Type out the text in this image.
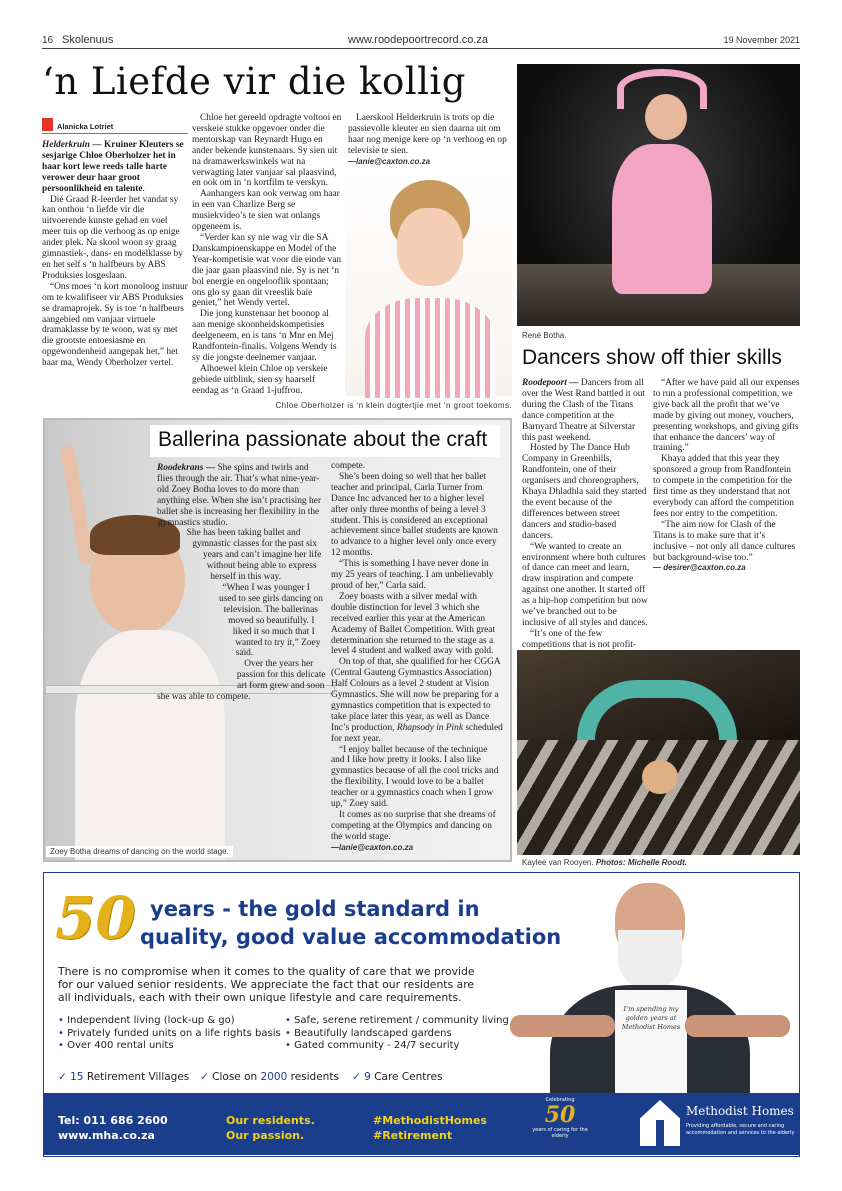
16 Skolenuus	www.roodepoortrecord.co.za	19 November 2021
‘n Liefde vir die kollig
Alanicka Lotriet

Helderkruin — Kruiner Kleuters se sesjarige Chloe Oberholzer het in haar kort lewe reeds talle harte verower deur haar groot persoonlikheid en talente.

Dié Graad R-leerder het vandat sy kan onthou ‘n liefde vir die uitvoerende kunste gehad en voel meer tuis op die verhoog as op enige ander plek. Na skool woon sy graag gimnastiek-, dans- en modelklasse by en het self s ‘n halfbeurs by ABS Produksies losgeslaan.

“Ons moes ‘n kort monoloog instuur om te kwalifiseer vir ABS Produksies se dramaprojek. Sy is toe ‘n halfbeurs aangebied om vanjaar virtuele dramaklasse by te woon, wat sy met die grootste entoesiasme en opgewondenheid aangepak het,” het haar ma, Wendy Oberholzer vertel.

Chloe het gereeld opdragte voltooi en verskeie stukke opgevoer onder die mentorskap van Reynardt Hugo en ander bekende kunstenaars. Sy sien uit na dramawerkswinkels wat na verwagting later vanjaar sal plaasvind, en ook om in ‘n kortfilm te verskyn.

Aanhangers kan ook verwag om haar in een van Charlize Berg se musiekvideo’s te sien wat onlangs opgeneem is.

“Verder kan sy nie wag vir die SA Danskampioenskappe en Model of the Year-kompetisie wat voor die einde van die jaar gaan plaasvind nie. Sy is net ‘n bol energie en ongelooflik spontaan; ons glo sy gaan dit vreeslik baie geniet,” het Wendy vertel.

Die jong kunstenaar het boonop al aan menige skoonheidskompetisies deelgeneem, en is tans ‘n Mnr en Mej Randfontein-finalis. Volgens Wendy is sy die jongste deelnemer vanjaar.

Alhoewel klein Chloe op verskeie gebiede uitblink, sien sy haarself eendag as ‘n Graad 1-juffrou.

Laerskool Helderkruin is trots op die passievolle kleuter en sien daarna uit om haar nog menige kere op ‘n verhoog en op televisie te sien.

—lanie@caxton.co.za
Chloe Oberholzer is ‘n klein dogtertjie met ‘n groot toekoms.
René Botha.
Dancers show off thier skills

Roodepoort — Dancers from all over the West Rand battled it out during the Clash of the Titans dance competition at the Barnyard Theatre at Silverstar this past weekend.

Hosted by The Dance Hub Company in Greenhills, Randfontein, one of their organisers and choreographers, Khaya Dhladhla said they started the event because of the differences between street dancers and studio-based dancers.

“We wanted to create an environment where both cultures of dance can meet and learn, draw inspiration and compete against one another. It started off as a hip-hop competition but now we’ve branched out to be inclusive of all styles and dances.

“It’s one of the few competitions that is not profit-

“After we have paid all our expenses to run a professional competition, we give back all the profit that we’ve made by giving out money, vouchers, presenting workshops, and giving gifts that enhance the dancers’ way of training.”

Khaya added that this year they sponsored a group from Randfontein to compete in the competition for the first time as they understand that not everybody can afford the competition fees nor entry to the competition.

“The aim now for Clash of the Titans is to make sure that it’s inclusive – not only all dance cultures but background-wise too.”

— desirer@caxton.co.za
Kaylee van Rooyen. Photos: Michelle Roodt.
Ballerina passionate about the craft

Roodekrans — She spins and twirls and flies through the air. That’s what nine-year-old Zoey Botha loves to do more than anything else. When she isn’t practising her ballet she is increasing her flexibility in the gymnastics studio.

She has been taking ballet and gymnastic classes for the past six years and can’t imagine her life without being able to express herself in this way.

“When I was younger I used to see girls dancing on television. The ballerinas moved so beautifully. I liked it so much that I wanted to try it,” Zoey said.

Over the years her passion for this delicate art form grew and soon she was able to compete.

compete.

She’s been doing so well that her ballet teacher and principal, Carla Turner from Dance Inc advanced her to a higher level after only three months of being a level 3 student. This is considered an exceptional achievement since ballet students are known to advance to a higher level only once every 12 months.

“This is something I have never done in my 25 years of teaching. I am unbelievably proud of her,” Carla said.

Zoey boasts with a silver medal with double distinction for level 3 which she received earlier this year at the American Academy of Ballet Competition. With great determination she returned to the stage as a level 4 student and walked away with gold.

On top of that, she qualified for her CGGA (Central Gauteng Gymnastics Association) Half Colours as a level 2 student at Vision Gymnastics. She will now be preparing for a gymnastics competition that is expected to take place later this year, as well as Dance Inc’s production, Rhapsody in Pink scheduled for next year.

“I enjoy ballet because of the technique and I like how pretty it looks. I also like gymnastics because of all the cool tricks and the flexibility. I would love to be a ballet teacher or a gymnastics coach when I grow up,” Zoey said.

It comes as no surprise that she dreams of competing at the Olympics and dancing on the world stage.

—lanie@caxton.co.za
Zoey Botha dreams of dancing on the world stage.
50 years - the gold standard in
quality, good value accommodation
There is no compromise when it comes to the quality of care that we provide for our valued senior residents. We appreciate the fact that our residents are all individuals, each with their own unique lifestyle and care requirements.
• Independent living (lock-up & go)
• Privately funded units on a life rights basis
• Over 400 rental units
• Safe, serene retirement / community living
• Beautifully landscaped gardens
• Gated community - 24/7 security
✓ 15 Retirement Villages ✓ Close on 2000 residents ✓ 9 Care Centres
I’m spending my golden years at Methodist Homes
Tel: 011 686 2600
www.mha.co.za
Our residents.
Our passion.
#MethodistHomes
#Retirement
Celebrating
50
years of caring for the elderly
Methodist Homes
Providing affordable, secure and caring accommodation and services to the elderly
